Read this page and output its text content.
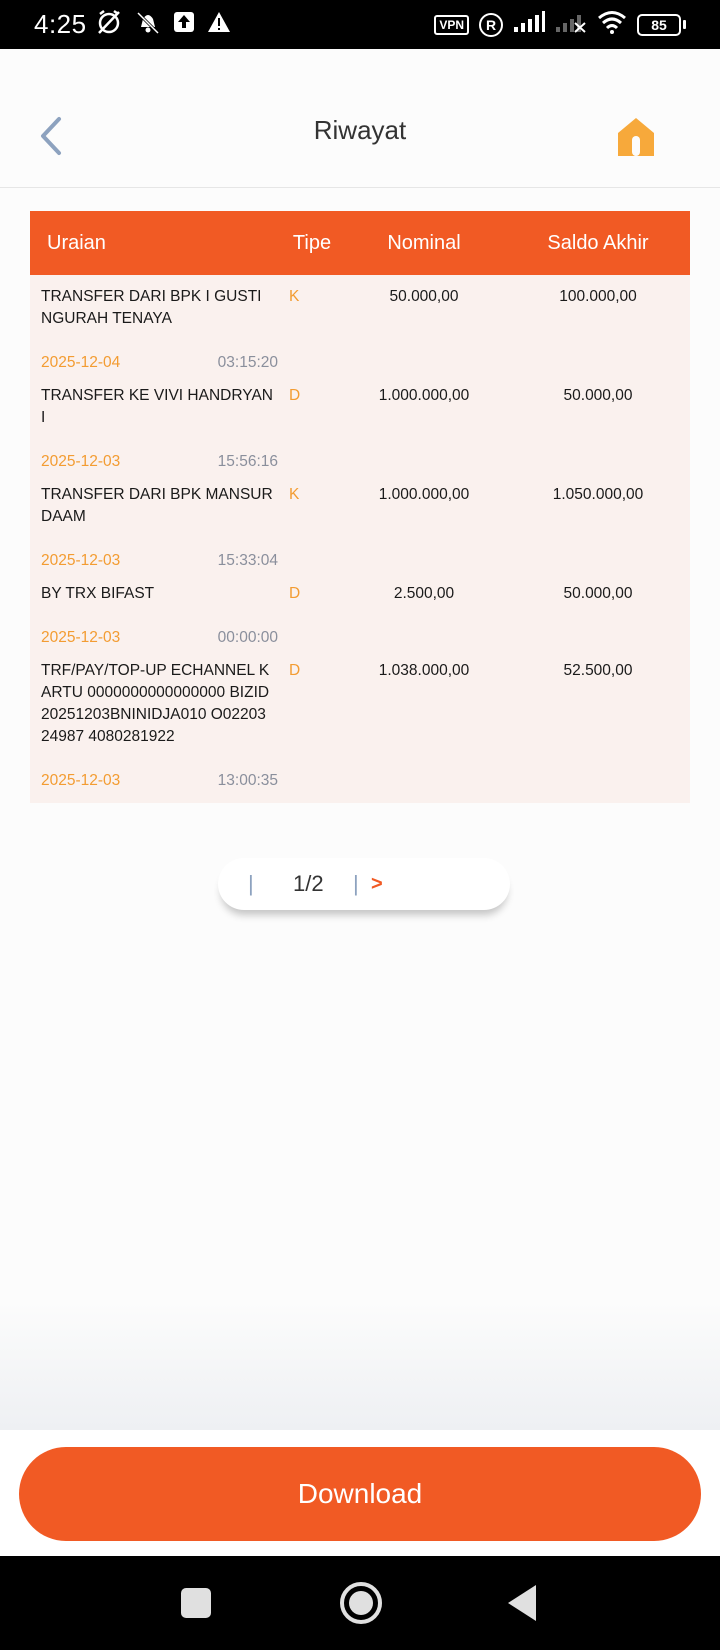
4:25	VPN	R	85
Riwayat
Uraian	Tipe	Nominal	Saldo Akhir
TRANSFER DARI BPK I GUSTI NGURAH TENAYA
K	50.000,00	100.000,00
2025-12-04	03:15:20
TRANSFER KE VIVI HANDRYANI
D	1.000.000,00	50.000,00
2025-12-03	15:56:16
TRANSFER DARI BPK MANSUR DAAM
K	1.000.000,00	1.050.000,00
2025-12-03	15:33:04
BY TRX BIFAST	D	2.500,00	50.000,00
2025-12-03	00:00:00
TRF/PAY/TOP-UP ECHANNEL KARTU 0000000000000000 BIZID 20251203BNINIDJA010 O0220324987 4080281922
D	1.038.000,00	52.500,00
2025-12-03	13:00:35
| 1/2 | >
Download
